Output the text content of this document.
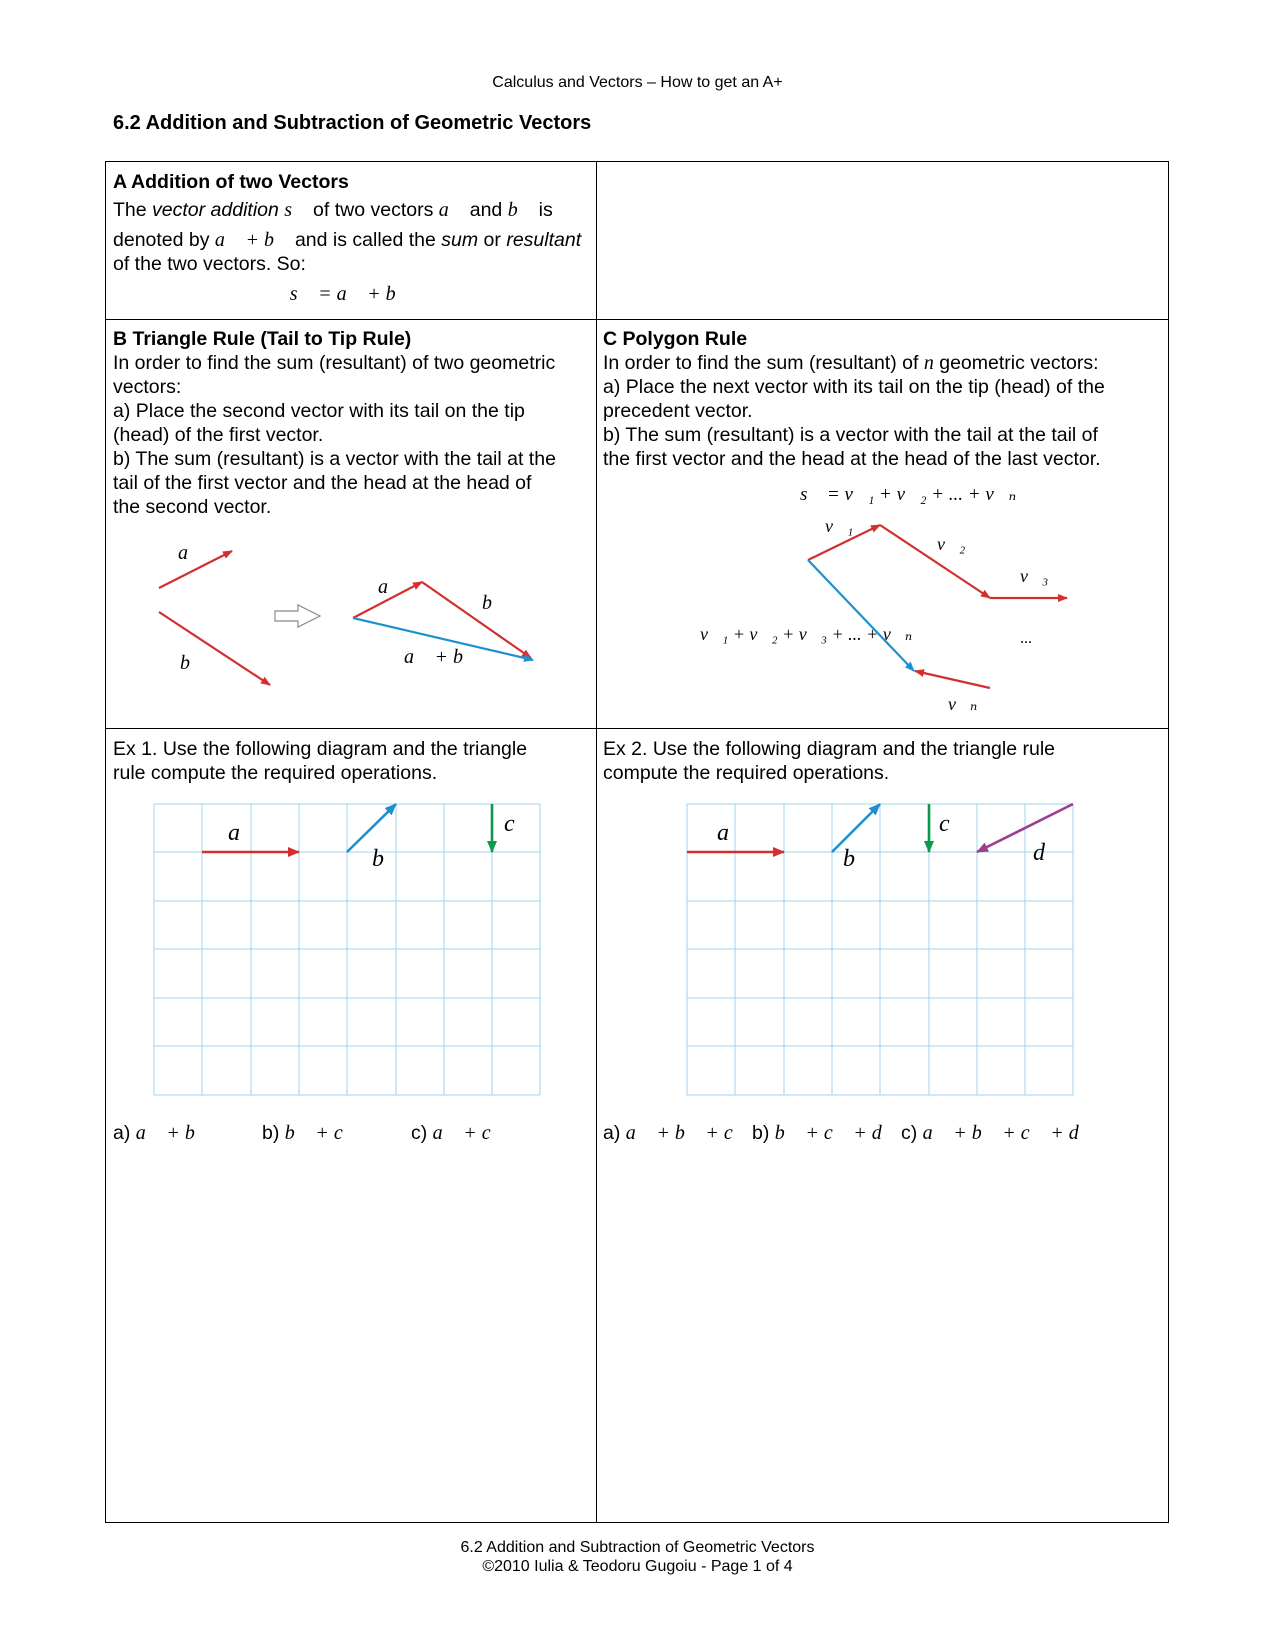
Calculus and Vectors – How to get an A+
6.2 Addition and Subtraction of Geometric Vectors
A Addition of two Vectors
The vector addition s⃗ of two vectors a⃗ and b⃗ is
denoted by a⃗ + b⃗ and is called the sum or resultant
of the two vectors. So:
s⃗ = a⃗ + b⃗
B Triangle Rule (Tail to Tip Rule)
In order to find the sum (resultant) of two geometric
vectors:
a) Place the second vector with its tail on the tip
(head) of the first vector.
b) The sum (resultant) is a vector with the tail at the
tail of the first vector and the head at the head of
the second vector.
a⃗
b⃗
a⃗
b⃗
a⃗ + b⃗
C Polygon Rule
In order to find the sum (resultant) of n geometric vectors:
a) Place the next vector with its tail on the tip (head) of the
precedent vector.
b) The sum (resultant) is a vector with the tail at the tail of
the first vector and the head at the head of the last vector.
s⃗ = v⃗₁ + v⃗₂ + ... + v⃗ₙ
v⃗₁
v⃗₂
v⃗₃
...
v⃗ₙ
v⃗₁ + v⃗₂ + v⃗₃ + ... + v⃗ₙ
Ex 1. Use the following diagram and the triangle
rule compute the required operations.
a⃗
b⃗
c⃗
a) a⃗ + b⃗	b) b⃗ + c⃗	c) a⃗ + c⃗
Ex 2. Use the following diagram and the triangle rule
compute the required operations.
a⃗
b⃗
c⃗
d⃗
a) a⃗ + b⃗ + c⃗ b) b⃗ + c⃗ + d⃗ c) a⃗ + b⃗ + c⃗ + d⃗
6.2 Addition and Subtraction of Geometric Vectors
©2010 Iulia & Teodoru Gugoiu - Page 1 of 4
